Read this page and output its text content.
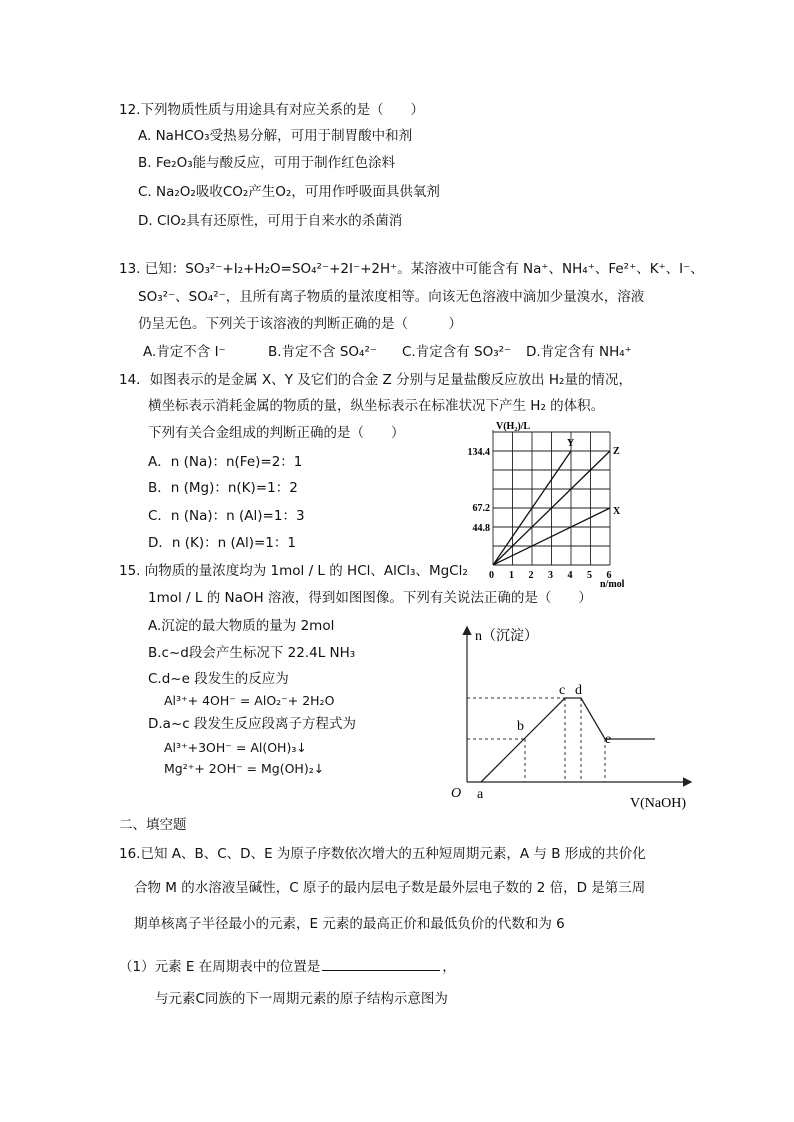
12.下列物质性质与用途具有对应关系的是（　　）
A. NaHCO₃受热易分解，可用于制胃酸中和剂
B. Fe₂O₃能与酸反应，可用于制作红色涂料
C. Na₂O₂吸收CO₂产生O₂，可用作呼吸面具供氧剂
D. ClO₂具有还原性，可用于自来水的杀菌消
13. 已知：SO₃²⁻+I₂+H₂O=SO₄²⁻+2I⁻+2H⁺。某溶液中可能含有 Na⁺、NH₄⁺、Fe²⁺、K⁺、I⁻、
SO₃²⁻、SO₄²⁻，且所有离子物质的量浓度相等。向该无色溶液中滴加少量溴水，溶液
仍呈无色。下列关于该溶液的判断正确的是（　　　）
A.肯定不含 I⁻	B.肯定不含 SO₄²⁻ C.肯定含有 SO₃²⁻ D.肯定含有 NH₄⁺
14．如图表示的是金属 X、Y 及它们的合金 Z 分别与足量盐酸反应放出 H₂量的情况，
横坐标表示消耗金属的物质的量，纵坐标表示在标准状况下产生 H₂ 的体积。
下列有关合金组成的判断正确的是（　　）
A．n (Na)：n(Fe)=2：1
B．n (Mg)：n(K)=1：2
C．n (Na)：n (Al)=1：3
D．n (K)：n (Al)=1：1
V(H₂)/L
n/mol
0 1 2 3 4 5 6
134.4
67.2
44.8
Y
Z
X
15. 向物质的量浓度均为 1mol / L 的 HCl、AlCl₃、MgCl₂
1mol / L 的 NaOH 溶液，得到如图图像。下列有关说法正确的是（　　）
A.沉淀的最大物质的量为 2mol
B.c~d段会产生标况下 22.4L NH₃
C.d~e 段发生的反应为
Al³⁺+ 4OH⁻ = AlO₂⁻+ 2H₂O
D.a~c 段发生反应段离子方程式为
Al³⁺+3OH⁻ = Al(OH)₃↓
Mg²⁺+ 2OH⁻ = Mg(OH)₂↓
n（沉淀）
V(NaOH)
O a
b
c d
e
二、填空题
16.已知 A、B、C、D、E 为原子序数依次增大的五种短周期元素，A 与 B 形成的共价化
合物 M 的水溶液呈碱性，C 原子的最内层电子数是最外层电子数的 2 倍，D 是第三周
期单核离子半径最小的元素，E 元素的最高正价和最低负价的代数和为 6
（1）元素 E 在周期表中的位置是	，
与元素C同族的下一周期元素的原子结构示意图为
